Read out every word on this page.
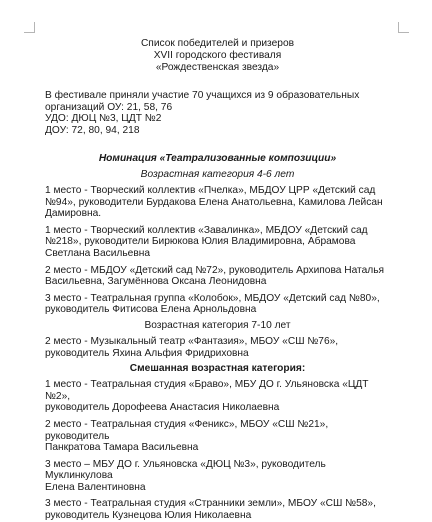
Список победителей и призеров
XVII городского фестиваля
«Рождественская звезда»
В фестивале приняли участие 70 учащихся из 9 образовательных
организаций ОУ: 21, 58, 76
УДО: ДЮЦ №3, ЦДТ №2
ДОУ: 72, 80, 94, 218
Номинация «Театрализованные композиции»
Возрастная категория 4-6 лет
1 место - Творческий коллектив «Пчелка», МБДОУ ЦРР «Детский сад
№94», руководители Бурдакова Елена Анатольевна, Камилова Лейсан
Дамировна.
1 место - Творческий коллектив «Завалинка», МБДОУ «Детский сад
№218», руководители Бирюкова Юлия Владимировна, Абрамова
Светлана Васильевна
2 место - МБДОУ «Детский сад №72», руководитель Архипова Наталья
Васильевна, Загумённова Оксана Леонидовна
3 место - Театральная группа «Колобок», МБДОУ «Детский сад №80»,
руководитель Фитисова Елена Арнольдовна
Возрастная категория 7-10 лет
2 место - Музыкальный театр «Фантазия», МБОУ «СШ №76»,
руководитель Яхина Альфия Фридриховна
Смешанная возрастная категория:
1 место - Театральная студия «Браво», МБУ ДО г. Ульяновска «ЦДТ №2»,
руководитель Дорофеева Анастасия Николаевна
2 место - Театральная студия «Феникс», МБОУ «СШ №21», руководитель
Панкратова Тамара Васильевна
3 место – МБУ ДО г. Ульяновска «ДЮЦ №3», руководитель Муклинкулова
Елена Валентиновна
3 место - Театральная студия «Странники земли», МБОУ «СШ №58»,
руководитель Кузнецова Юлия Николаевна
